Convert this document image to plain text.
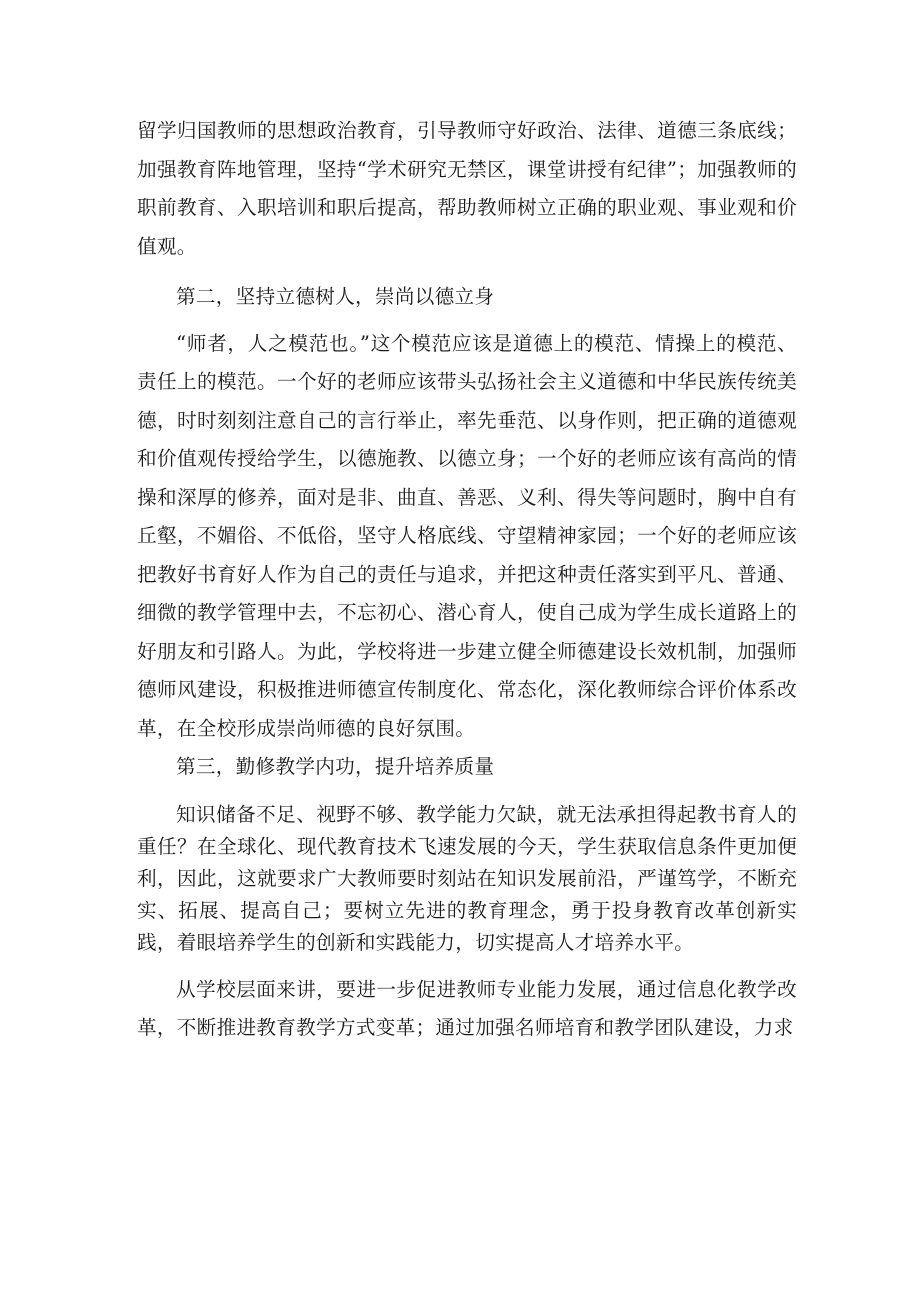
留学归国教师的思想政治教育，引导教师守好政治、法律、道德三条底线；加强教育阵地管理，坚持“学术研究无禁区，课堂讲授有纪律”；加强教师的职前教育、入职培训和职后提高，帮助教师树立正确的职业观、事业观和价值观。

第二，坚持立德树人，崇尚以德立身

“师者，人之模范也。”这个模范应该是道德上的模范、情操上的模范、责任上的模范。一个好的老师应该带头弘扬社会主义道德和中华民族传统美德，时时刻刻注意自己的言行举止，率先垂范、以身作则，把正确的道德观和价值观传授给学生，以德施教、以德立身；一个好的老师应该有高尚的情操和深厚的修养，面对是非、曲直、善恶、义利、得失等问题时，胸中自有丘壑，不媚俗、不低俗，坚守人格底线、守望精神家园；一个好的老师应该把教好书育好人作为自己的责任与追求，并把这种责任落实到平凡、普通、细微的教学管理中去，不忘初心、潜心育人，使自己成为学生成长道路上的好朋友和引路人。为此，学校将进一步建立健全师德建设长效机制，加强师德师风建设，积极推进师德宣传制度化、常态化，深化教师综合评价体系改革，在全校形成崇尚师德的良好氛围。

第三，勤修教学内功，提升培养质量

知识储备不足、视野不够、教学能力欠缺，就无法承担得起教书育人的重任？在全球化、现代教育技术飞速发展的今天，学生获取信息条件更加便利，因此，这就要求广大教师要时刻站在知识发展前沿，严谨笃学，不断充实、拓展、提高自己；要树立先进的教育理念，勇于投身教育改革创新实践，着眼培养学生的创新和实践能力，切实提高人才培养水平。

从学校层面来讲，要进一步促进教师专业能力发展，通过信息化教学改革，不断推进教育教学方式变革；通过加强名师培育和教学团队建设，力求
